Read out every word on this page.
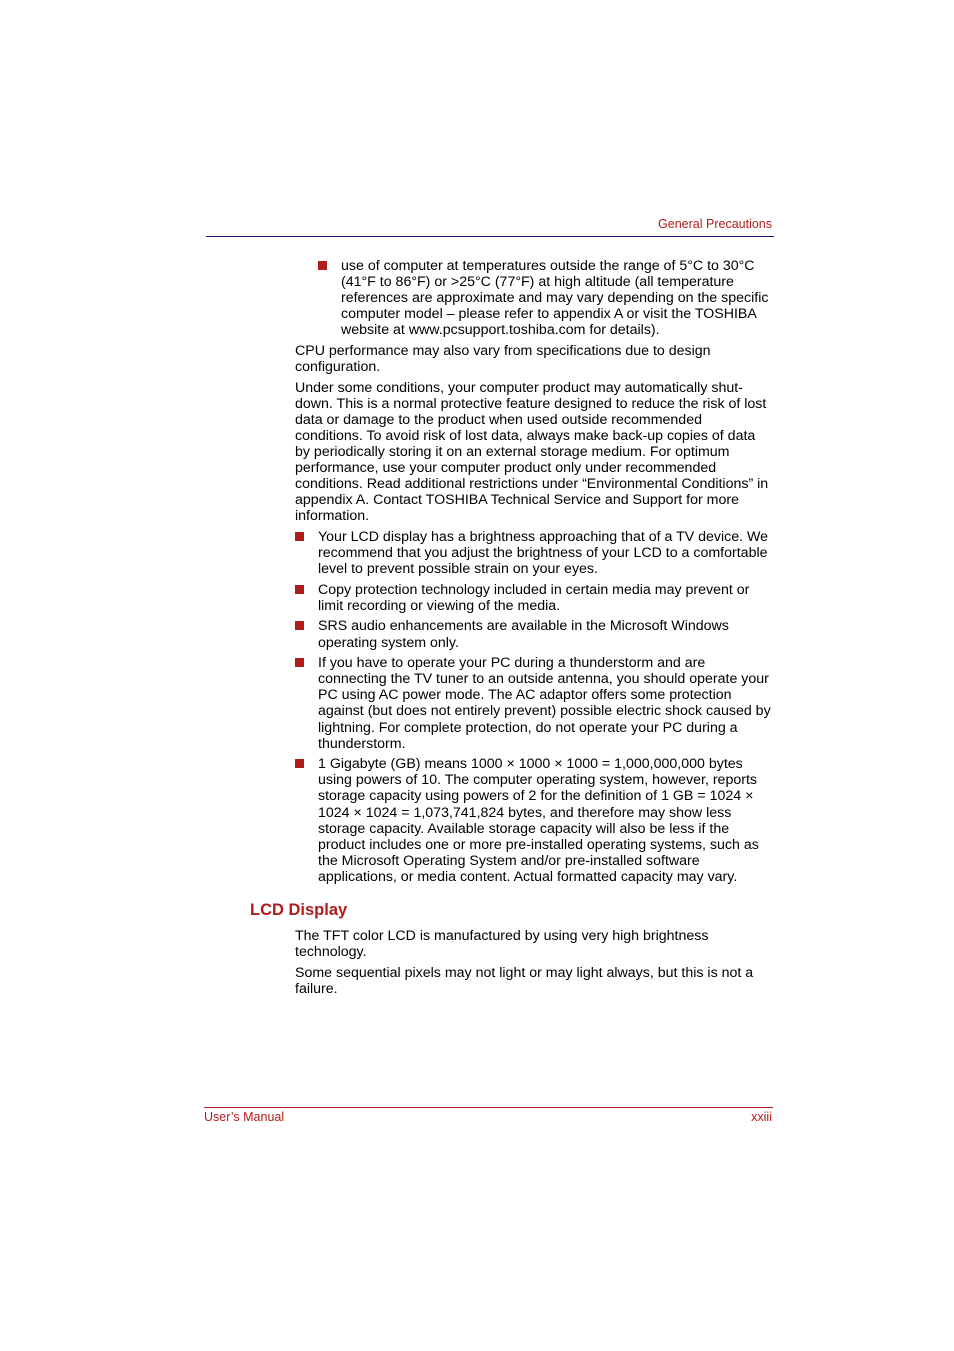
General Precautions
use of computer at temperatures outside the range of 5°C to 30°C (41°F to 86°F) or >25°C (77°F) at high altitude (all temperature references are approximate and may vary depending on the specific computer model – please refer to appendix A or visit the TOSHIBA website at www.pcsupport.toshiba.com for details).

CPU performance may also vary from specifications due to design configuration.

Under some conditions, your computer product may automatically shut-down. This is a normal protective feature designed to reduce the risk of lost data or damage to the product when used outside recommended conditions. To avoid risk of lost data, always make back-up copies of data by periodically storing it on an external storage medium. For optimum performance, use your computer product only under recommended conditions. Read additional restrictions under “Environmental Conditions” in appendix A. Contact TOSHIBA Technical Service and Support for more information.

Your LCD display has a brightness approaching that of a TV device. We recommend that you adjust the brightness of your LCD to a comfortable level to prevent possible strain on your eyes.
Copy protection technology included in certain media may prevent or limit recording or viewing of the media.
SRS audio enhancements are available in the Microsoft Windows operating system only.
If you have to operate your PC during a thunderstorm and are connecting the TV tuner to an outside antenna, you should operate your PC using AC power mode. The AC adaptor offers some protection against (but does not entirely prevent) possible electric shock caused by lightning. For complete protection, do not operate your PC during a thunderstorm.
1 Gigabyte (GB) means 1000 × 1000 × 1000 = 1,000,000,000 bytes using powers of 10. The computer operating system, however, reports storage capacity using powers of 2 for the definition of 1 GB = 1024 × 1024 × 1024 = 1,073,741,824 bytes, and therefore may show less storage capacity. Available storage capacity will also be less if the product includes one or more pre-installed operating systems, such as the Microsoft Operating System and/or pre-installed software applications, or media content. Actual formatted capacity may vary.
LCD Display

The TFT color LCD is manufactured by using very high brightness technology.

Some sequential pixels may not light or may light always, but this is not a failure.

User’s Manual	xxiii
